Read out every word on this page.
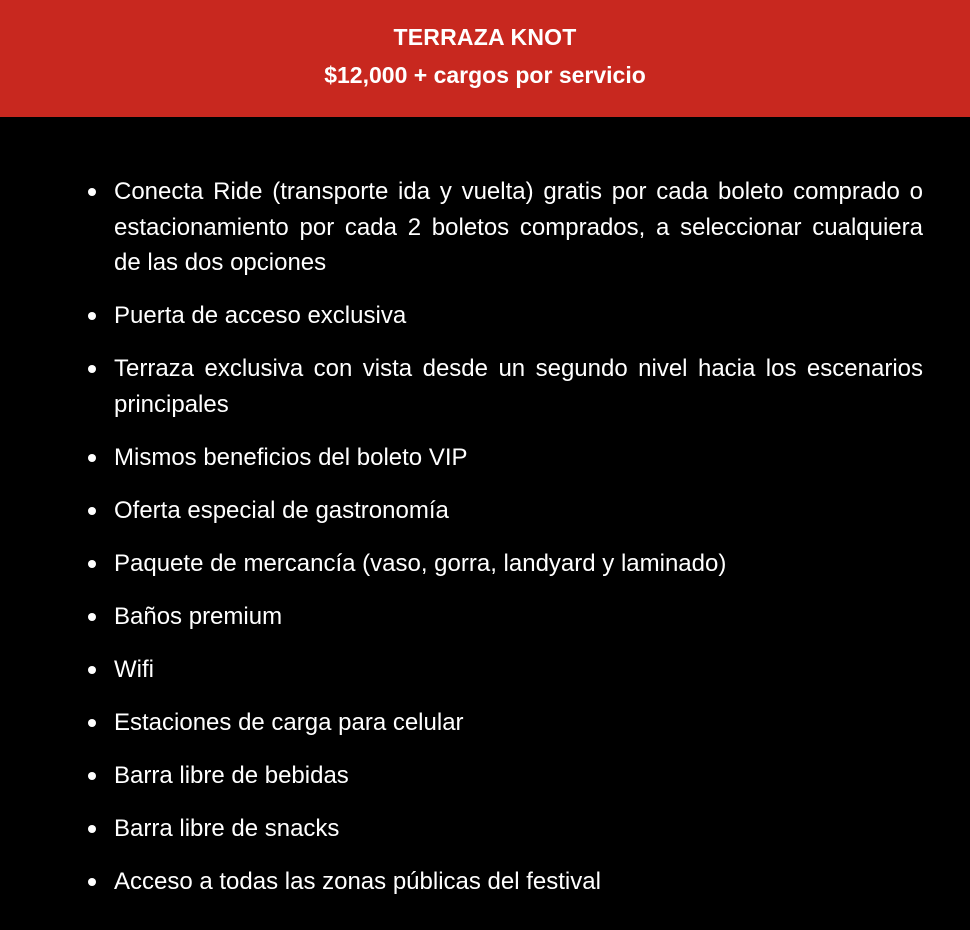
TERRAZA KNOT
$12,000 + cargos por servicio
Conecta Ride (transporte ida y vuelta) gratis por cada boleto comprado o estacionamiento por cada 2 boletos comprados, a seleccionar cualquiera de las dos opciones
Puerta de acceso exclusiva
Terraza exclusiva con vista desde un segundo nivel hacia los escenarios principales
Mismos beneficios del boleto VIP
Oferta especial de gastronomía
Paquete de mercancía (vaso, gorra, landyard y laminado)
Baños premium
Wifi
Estaciones de carga para celular
Barra libre de bebidas
Barra libre de snacks
Acceso a todas las zonas públicas del festival
